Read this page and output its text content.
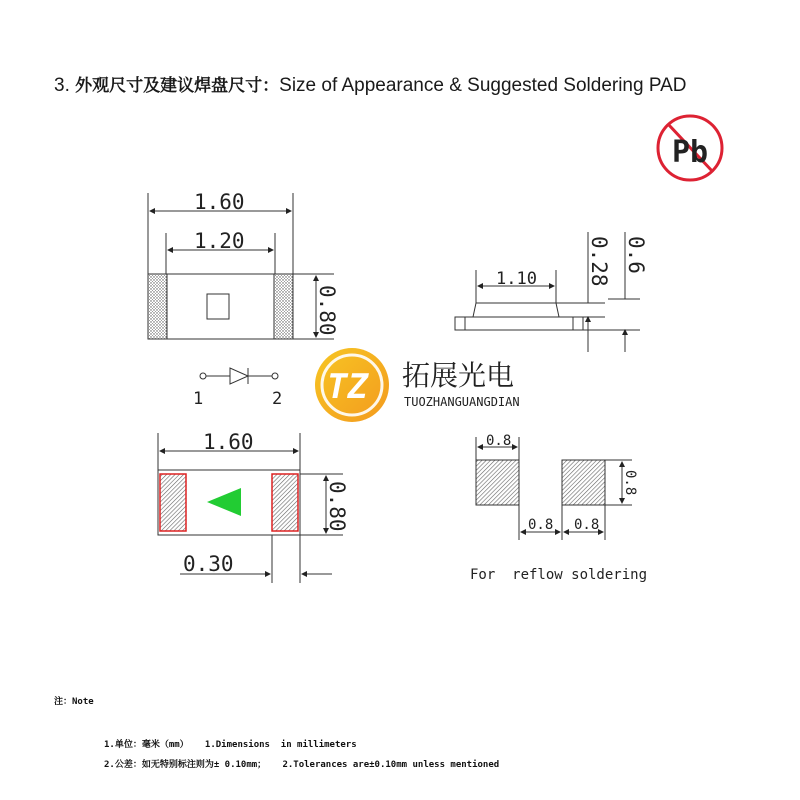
3. 外观尺寸及建议焊盘尺寸：Size of Appearance & Suggested Soldering PAD
Pb
1.60
1.20
0.80
1.10 0.28 0.6
1	2 TZ 拓展光电
TUOZHANGUANGDIAN
1.60
0.80
0.30
0.8
0.8
0.8 0.8
For  reflow soldering
注：Note
1.单位：毫米（mm）   1.Dimensions  in millimeters
2.公差：如无特别标注则为± 0.10mm；   2.Tolerances are±0.10mm unless mentioned
